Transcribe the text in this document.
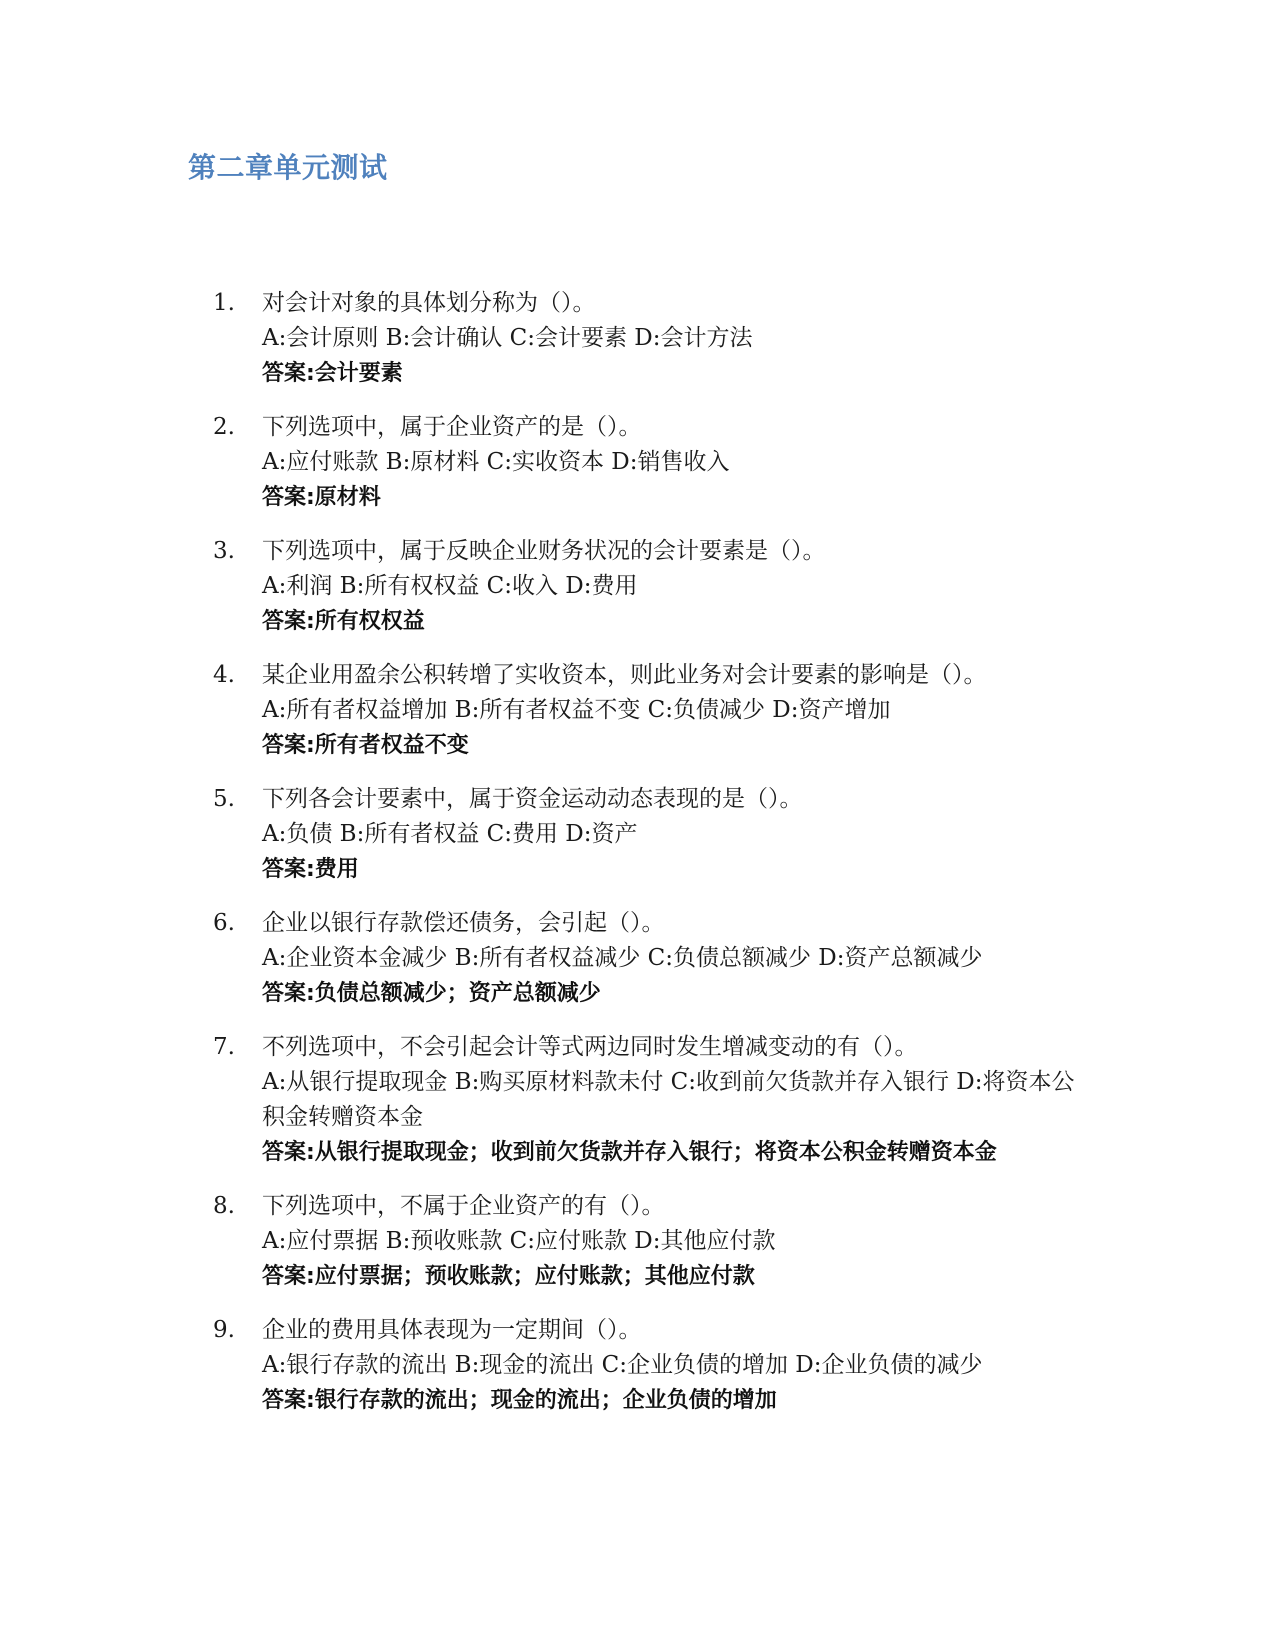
第二章单元测试
1. 对会计对象的具体划分称为（）。
A:会计原则 B:会计确认 C:会计要素 D:会计方法
答案:会计要素
2. 下列选项中，属于企业资产的是（）。
A:应付账款 B:原材料 C:实收资本 D:销售收入
答案:原材料
3. 下列选项中，属于反映企业财务状况的会计要素是（）。
A:利润 B:所有权权益 C:收入 D:费用
答案:所有权权益
4. 某企业用盈余公积转增了实收资本，则此业务对会计要素的影响是（）。
A:所有者权益增加 B:所有者权益不变 C:负债减少 D:资产增加
答案:所有者权益不变
5. 下列各会计要素中，属于资金运动动态表现的是（）。
A:负债 B:所有者权益 C:费用 D:资产
答案:费用
6. 企业以银行存款偿还债务，会引起（）。
A:企业资本金减少 B:所有者权益减少 C:负债总额减少 D:资产总额减少
答案:负债总额减少；资产总额减少
7. 不列选项中，不会引起会计等式两边同时发生增减变动的有（）。
A:从银行提取现金 B:购买原材料款未付 C:收到前欠货款并存入银行 D:将资本公积金转赠资本金
答案:从银行提取现金；收到前欠货款并存入银行；将资本公积金转赠资本金
8. 下列选项中，不属于企业资产的有（）。
A:应付票据 B:预收账款 C:应付账款 D:其他应付款
答案:应付票据；预收账款；应付账款；其他应付款
9. 企业的费用具体表现为一定期间（）。
A:银行存款的流出 B:现金的流出 C:企业负债的增加 D:企业负债的减少
答案:银行存款的流出；现金的流出；企业负债的增加
